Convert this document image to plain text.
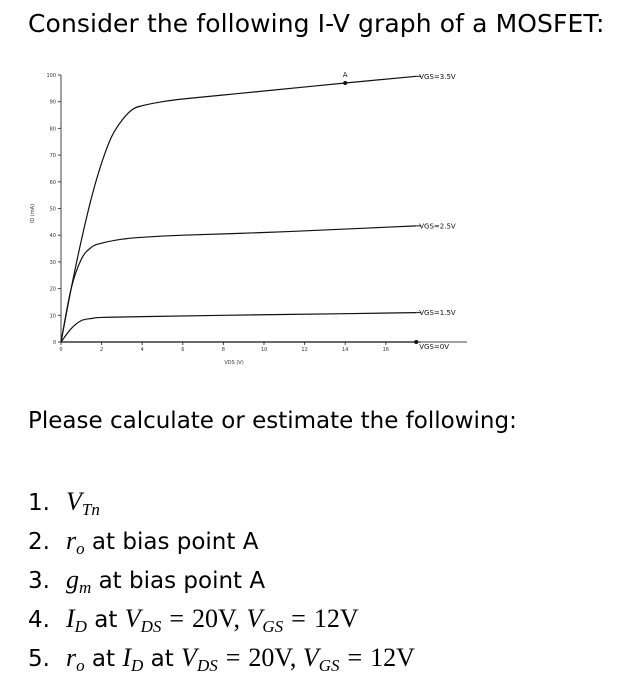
Consider the following I-V graph of a MOSFET:
0
10
20
30
40
50
60
70
80
90
100
0	2	4	6	8	10	12	14	16
VDS (V)
ID (mA)
VGS=3.5V
VGS=2.5V
VGS=1.5V
VGS=0V
A
Please calculate or estimate the following:
1. $V_{Tn}$
2. $r_o$ at bias point A
3. $g_m$ at bias point A
4. $I_D$ at $V_{DS} = 20V$, $V_{GS} = 12V$
5. $r_o$ at $I_D$ at $V_{DS} = 20V$, $V_{GS} = 12V$
